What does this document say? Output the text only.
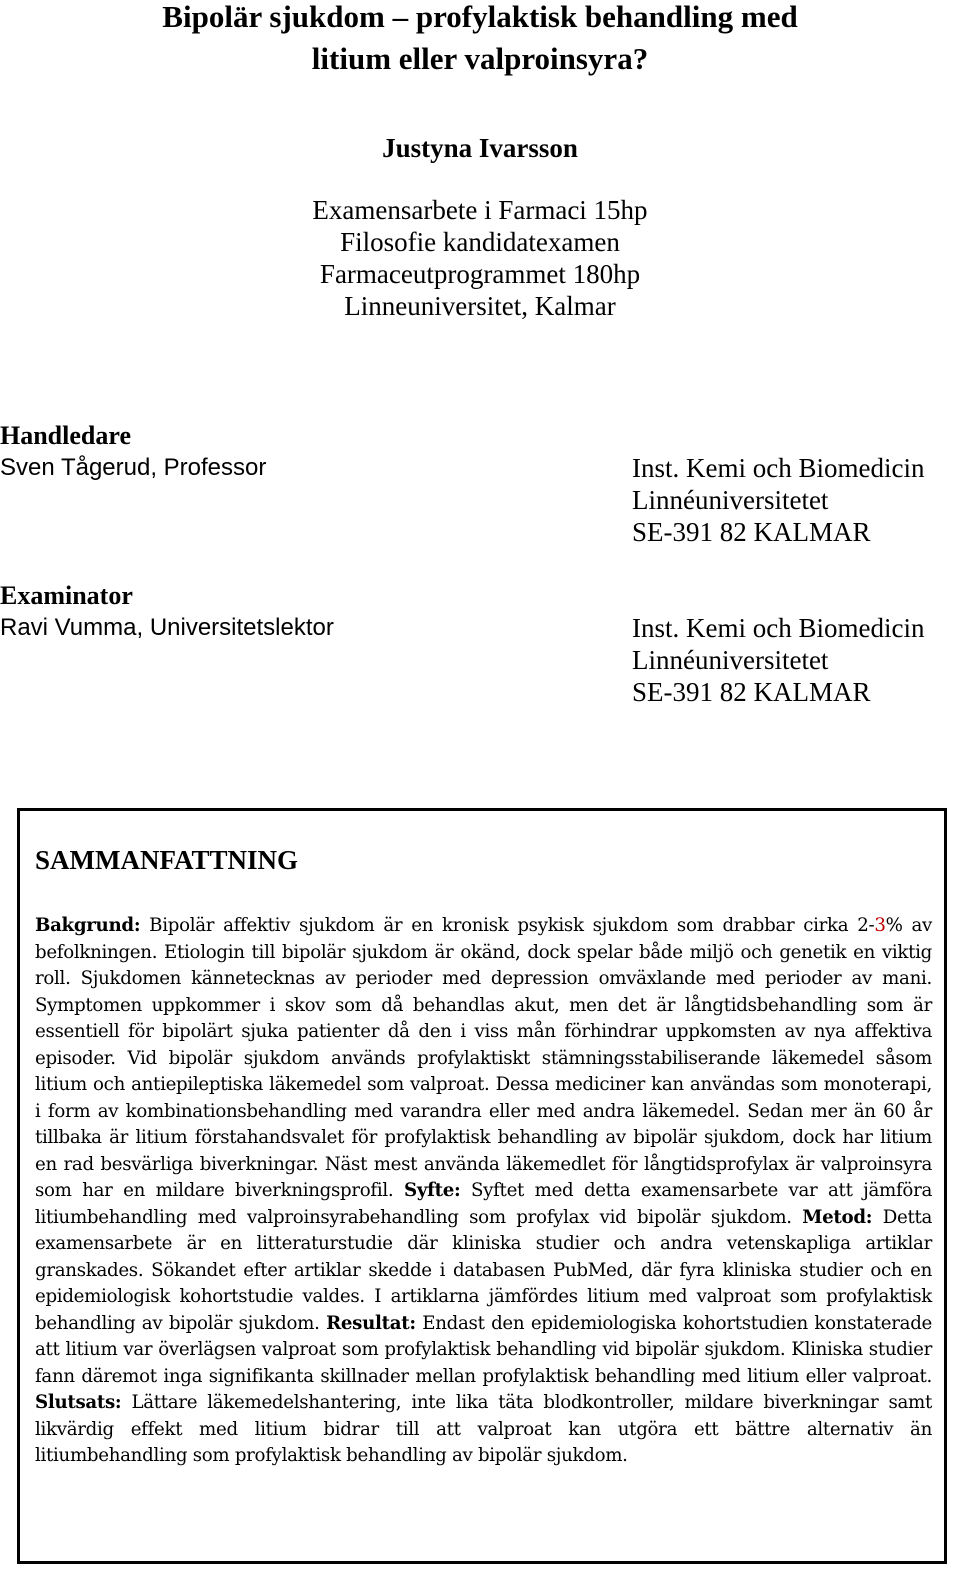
Bipolär sjukdom – profylaktisk behandling med
litium eller valproinsyra?
Justyna Ivarsson
Examensarbete i Farmaci 15hp
Filosofie kandidatexamen
Farmaceutprogrammet 180hp
Linneuniversitet, Kalmar
Handledare
Sven Tågerud, Professor	Inst. Kemi och Biomedicin
Linnéuniversitetet
SE-391 82 KALMAR
Examinator
Ravi Vumma, Universitetslektor	Inst. Kemi och Biomedicin
Linnéuniversitetet
SE-391 82 KALMAR
SAMMANFATTNING
Bakgrund: Bipolär affektiv sjukdom är en kronisk psykisk sjukdom som drabbar cirka 2-3% av befolkningen. Etiologin till bipolär sjukdom är okänd, dock spelar både miljö och genetik en viktig roll. Sjukdomen kännetecknas av perioder med depression omväxlande med perioder av mani. Symptomen uppkommer i skov som då behandlas akut, men det är långtidsbehandling som är essentiell för bipolärt sjuka patienter då den i viss mån förhindrar uppkomsten av nya affektiva episoder. Vid bipolär sjukdom används profylaktiskt stämningsstabiliserande läkemedel såsom litium och antiepileptiska läkemedel som valproat. Dessa mediciner kan användas som monoterapi, i form av kombinationsbehandling med varandra eller med andra läkemedel. Sedan mer än 60 år tillbaka är litium förstahandsvalet för profylaktisk behandling av bipolär sjukdom, dock har litium en rad besvärliga biverkningar. Näst mest använda läkemedlet för långtidsprofylax är valproinsyra som har en mildare biverkningsprofil. Syfte: Syftet med detta examensarbete var att jämföra litiumbehandling med valproinsyrabehandling som profylax vid bipolär sjukdom. Metod: Detta examensarbete är en litteraturstudie där kliniska studier och andra vetenskapliga artiklar granskades. Sökandet efter artiklar skedde i databasen PubMed, där fyra kliniska studier och en epidemiologisk kohortstudie valdes. I artiklarna jämfördes litium med valproat som profylaktisk behandling av bipolär sjukdom. Resultat: Endast den epidemiologiska kohortstudien konstaterade att litium var överlägsen valproat som profylaktisk behandling vid bipolär sjukdom. Kliniska studier fann däremot inga signifikanta skillnader mellan profylaktisk behandling med litium eller valproat. Slutsats: Lättare läkemedelshantering, inte lika täta blodkontroller, mildare biverkningar samt likvärdig effekt med litium bidrar till att valproat kan utgöra ett bättre alternativ än litiumbehandling som profylaktisk behandling av bipolär sjukdom.
